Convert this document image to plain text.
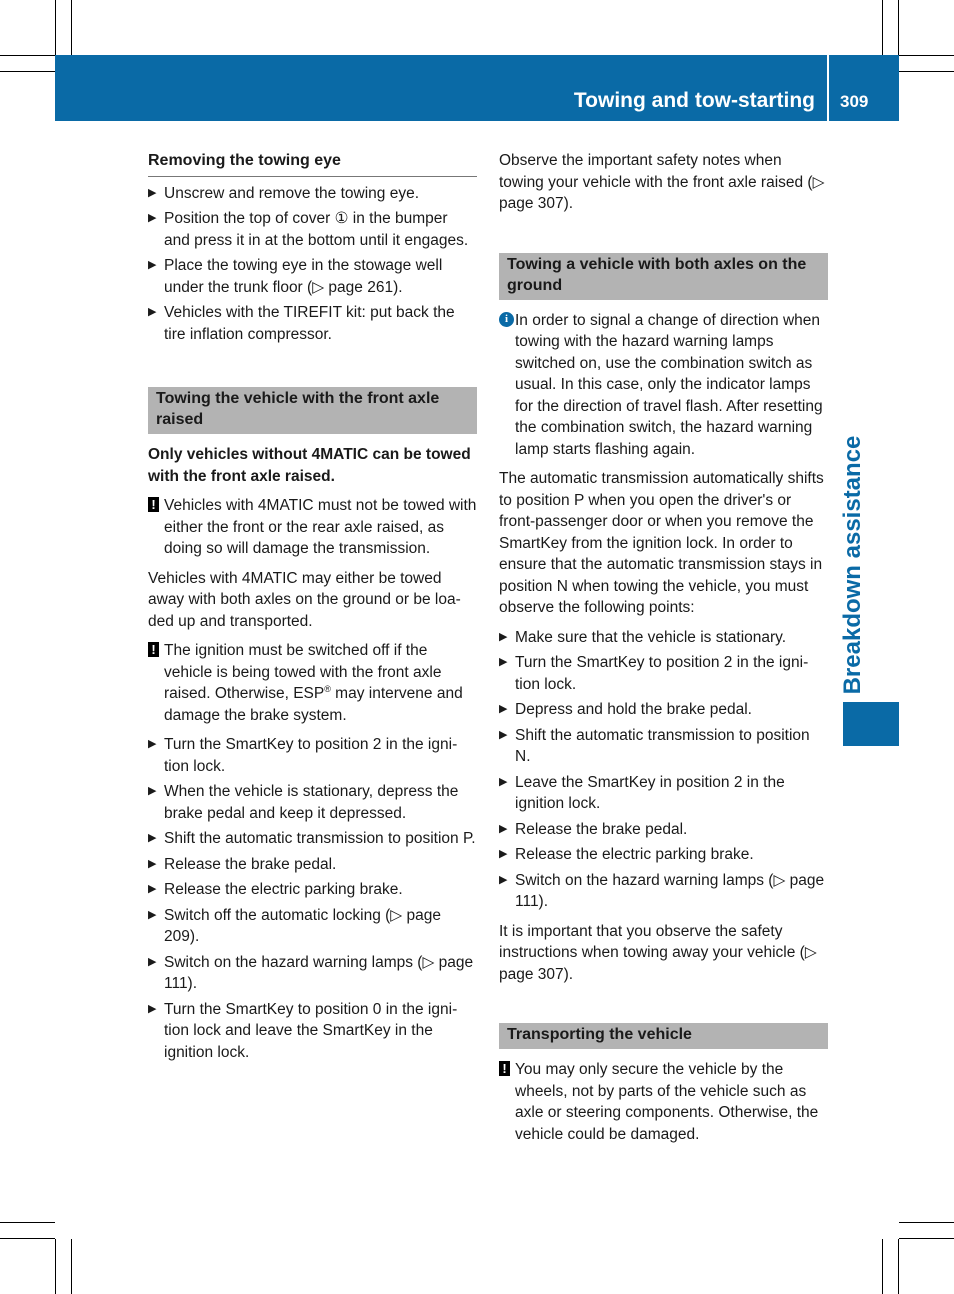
Towing and tow-starting 309
Breakdown assistance
Removing the towing eye
▶ Unscrew and remove the towing eye.
▶ Position the top of cover ① in the bumper and press it in at the bottom until it engages.
▶ Place the towing eye in the stowage well under the trunk floor (▷ page 261).
▶ Vehicles with the TIREFIT kit: put back the tire inflation compressor.
Towing the vehicle with the front axle raised

Only vehicles without 4MATIC can be towed with the front axle raised.

! Vehicles with 4MATIC must not be towed with either the front or the rear axle raised, as doing so will damage the transmission.

Vehicles with 4MATIC may either be towed away with both axles on the ground or be loaded up and transported.

! The ignition must be switched off if the vehicle is being towed with the front axle raised. Otherwise, ESP® may intervene and damage the brake system.
▶ Turn the SmartKey to position 2 in the ignition lock.
▶ When the vehicle is stationary, depress the brake pedal and keep it depressed.
▶ Shift the automatic transmission to position P.
▶ Release the brake pedal.
▶ Release the electric parking brake.
▶ Switch off the automatic locking (▷ page 209).
▶ Switch on the hazard warning lamps (▷ page 111).
▶ Turn the SmartKey to position 0 in the ignition lock and leave the SmartKey in the ignition lock.

Observe the important safety notes when towing your vehicle with the front axle raised (▷ page 307).

Towing a vehicle with both axles on the ground
i In order to signal a change of direction when towing with the hazard warning lamps switched on, use the combination switch as usual. In this case, only the indicator lamps for the direction of travel flash. After resetting the combination switch, the hazard warning lamp starts flashing again.

The automatic transmission automatically shifts to position P when you open the driver's or front-passenger door or when you remove the SmartKey from the ignition lock. In order to ensure that the automatic transmission stays in position N when towing the vehicle, you must observe the following points:

▶ Make sure that the vehicle is stationary.
▶ Turn the SmartKey to position 2 in the ignition lock.
▶ Depress and hold the brake pedal.
▶ Shift the automatic transmission to position N.
▶ Leave the SmartKey in position 2 in the ignition lock.
▶ Release the brake pedal.
▶ Release the electric parking brake.
▶ Switch on the hazard warning lamps (▷ page 111).

It is important that you observe the safety instructions when towing away your vehicle (▷ page 307).

Transporting the vehicle
! You may only secure the vehicle by the wheels, not by parts of the vehicle such as axle or steering components. Otherwise, the vehicle could be damaged.
